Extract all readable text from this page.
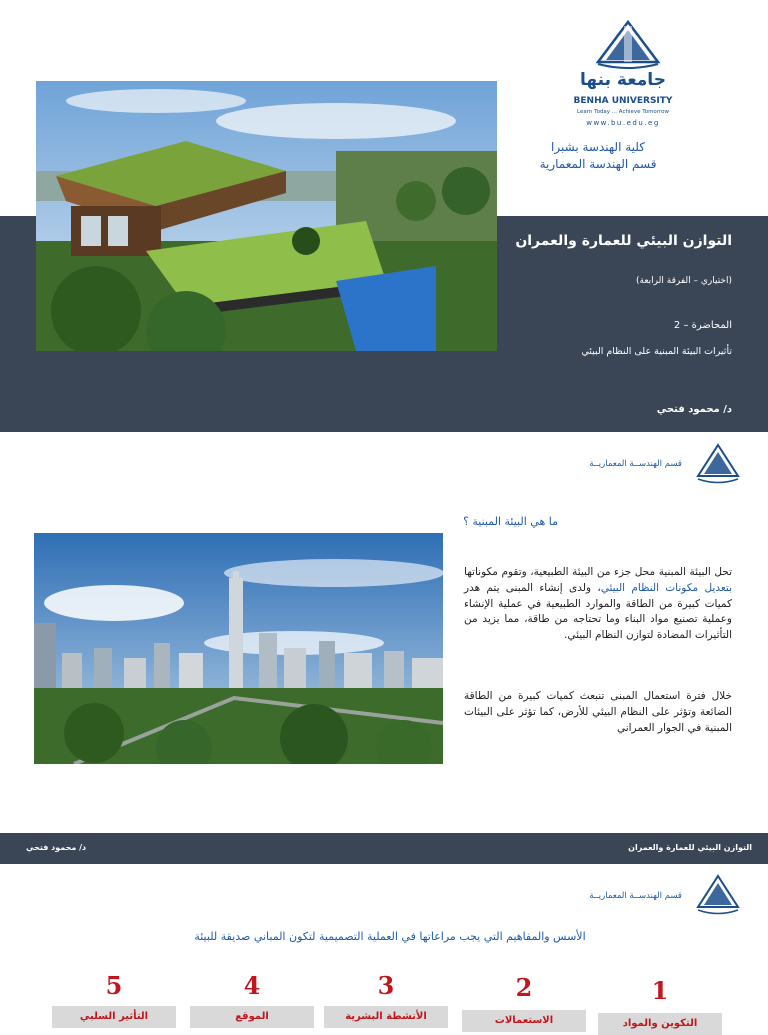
جامعة بنها
BENHA UNIVERSITY
Learn Today ... Achieve Tomorrow
www.bu.edu.eg
كلية الهندسة بشبرا
قسم الهندسة المعمارية
التوازن البيئي للعمارة والعمران
(اختياري – الفرقة الرابعة)
المحاضرة – 2
تأثيرات البيئة المبنية على النظام البيئي
د/ محمود فتحي
قسم الهندســة المعماريــة
ما هي البيئة المبنية ؟
تحل البيئة المبنية محل جزء من البيئة الطبيعية، وتقوم مكوناتها بتعديل مكونات النظام البيئي، ولدى إنشاء المبنى يتم هدر كميات كبيرة من الطاقة والموارد الطبيعية في عملية الإنشاء وعملية تصنيع مواد البناء وما تحتاجه من طاقة، مما يزيد من التأثيرات المضادة لتوازن النظام البيئي.
خلال فترة استعمال المبنى تنبعث كميات كبيرة من الطاقة الضائعة وتؤثر على النظام البيئي للأرض، كما تؤثر على البيئات المبنية في الجوار العمراني
د/ محمود فتحي	التوازن البيئي للعمارة والعمران
قسم الهندســة المعماريــة
الأسس والمفاهيم التي يجب مراعاتها في العملية التصميمية لتكون المباني صديقة للبيئة
5
التأثير السلبي
4
الموقع
3
الأنشطة البشرية
2
الاستعمالات
1
التكوين والمواد
